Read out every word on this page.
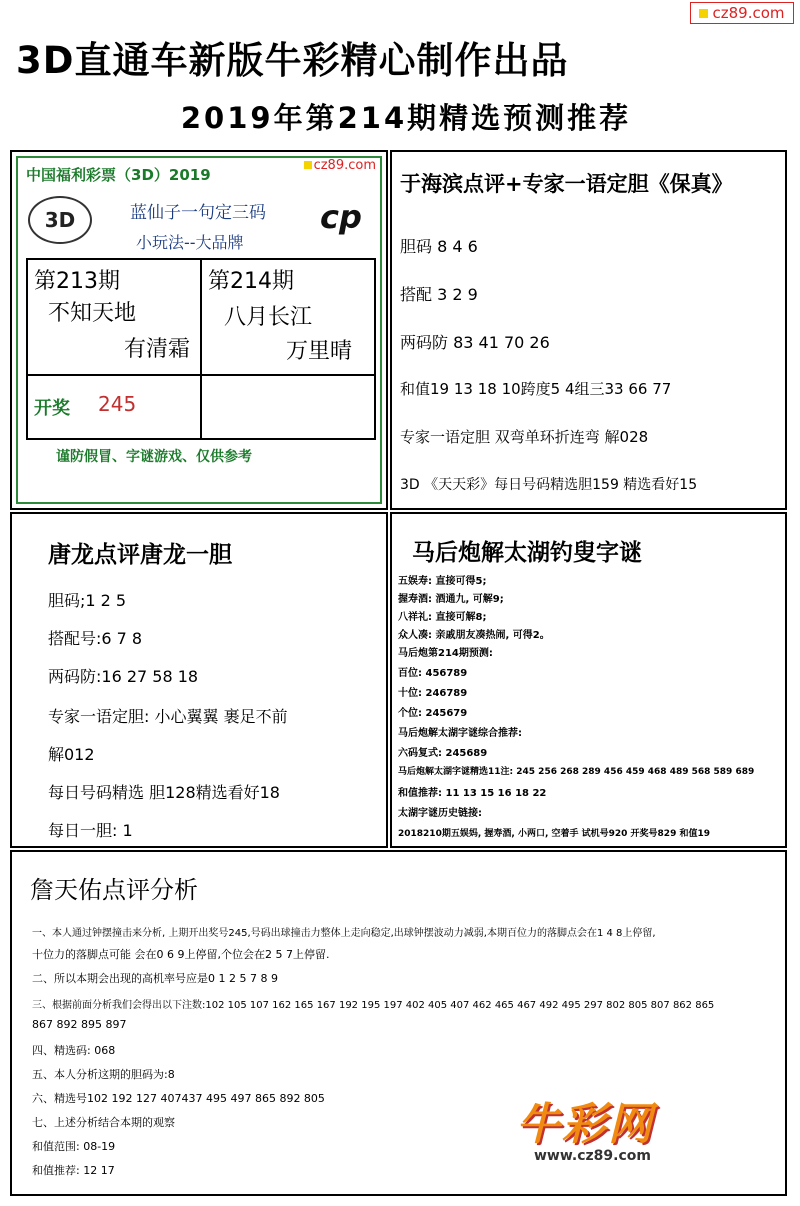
cz89.com
3D直通车新版牛彩精心制作出品
2019年第214期精选预测推荐
中国福利彩票（3D）2019
cz89.com
3D	蓝仙子一句定三码
小玩法--大品牌
cp
第213期
不知天地
有清霜
第214期
八月长江
万里晴
开奖 245
谨防假冒、字谜游戏、仅供参考
于海滨点评+专家一语定胆《保真》
胆码 8 4 6
搭配 3 2 9
两码防 83 41 70 26
和值19 13 18 10跨度5 4组三33 66 77
专家一语定胆 双弯单环折连弯 解028
3D 《天天彩》每日号码精选胆159 精选看好15
唐龙点评唐龙一胆
胆码;1 2 5
搭配号:6 7 8
两码防:16 27 58 18
专家一语定胆: 小心翼翼 裹足不前
解012
每日号码精选 胆128精选看好18
每日一胆: 1
马后炮解太湖钓叟字谜
五娱寿: 直接可得5;
握寿酒: 酒通九, 可解9;
八祥礼: 直接可解8;
众人凑: 亲戚朋友凑热闹, 可得2。
马后炮第214期预测:
百位: 456789
十位: 246789
个位: 245679
马后炮解太湖字谜综合推荐:
六码复式: 245689
马后炮解太湖字谜精选11注: 245 256 268 289 456 459 468 489 568 589 689
和值推荐: 11 13 15 16 18 22
太湖字谜历史链接:
2018210期五娱妈, 握寿酒, 小两口, 空着手 试机号920 开奖号829 和值19
詹天佑点评分析
一、本人通过钟摆撞击来分析, 上期开出奖号245,号码出球撞击力整体上走向稳定,出球钟摆波动力减弱,本期百位力的落脚点会在1 4 8上停留,
十位力的落脚点可能 会在0 6 9上停留,个位会在2 5 7上停留.
二、所以本期会出现的高机率号应是0 1 2 5 7 8 9
三、根据前面分析我们会得出以下注数:102 105 107 162 165 167 192 195 197 402 405 407 462 465 467 492 495 297 802 805 807 862 865
867 892 895 897
四、精选码: 068
五、本人分析这期的胆码为:8
六、精选号102 192 127 407437 495 497 865 892 805
七、上述分析结合本期的观察
和值范围: 08-19
和值推荐: 12 17
牛彩网
www.cz89.com
